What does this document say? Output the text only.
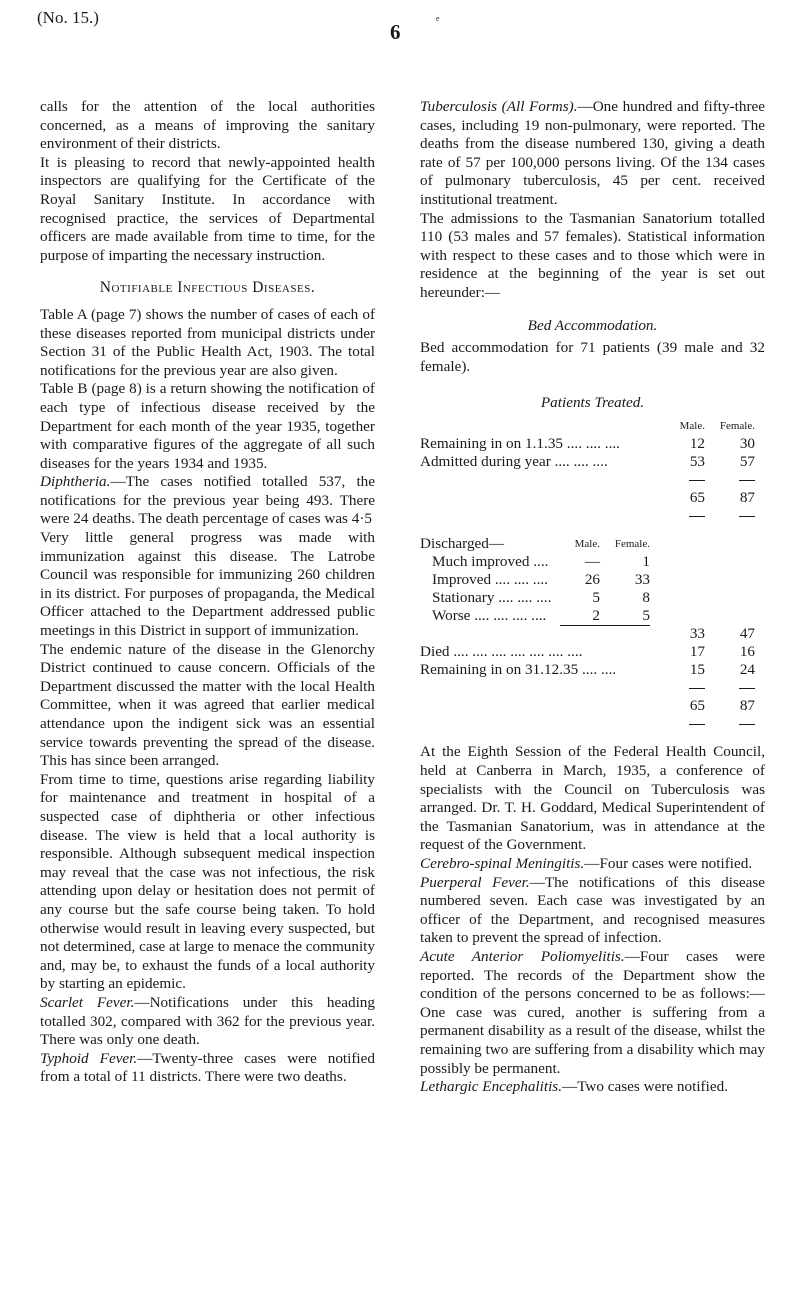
(No. 15.)
6
e

calls for the attention of the local authorities concerned, as a means of improving the sanitary environment of their districts.

It is pleasing to record that newly-appointed health inspectors are qualifying for the Certificate of the Royal Sanitary Institute. In accordance with recognised practice, the services of Departmental officers are made available from time to time, for the purpose of imparting the necessary instruction.

Notifiable Infectious Diseases.

Table A (page 7) shows the number of cases of each of these diseases reported from municipal districts under Section 31 of the Public Health Act, 1903. The total notifications for the previous year are also given.

Table B (page 8) is a return showing the notification of each type of infectious disease received by the Department for each month of the year 1935, together with comparative figures of the aggregate of all such diseases for the years 1934 and 1935.

Diphtheria.—The cases notified totalled 537, the notifications for the previous year being 493. There were 24 deaths. The death percentage of cases was 4·5

Very little general progress was made with immunization against this disease. The Latrobe Council was responsible for immunizing 260 children in its district. For purposes of propaganda, the Medical Officer attached to the Department addressed public meetings in this District in support of immunization.

The endemic nature of the disease in the Glenorchy District continued to cause concern. Officials of the Department discussed the matter with the local Health Committee, when it was agreed that earlier medical attendance upon the indigent sick was an essential service towards preventing the spread of the disease. This has since been arranged.

From time to time, questions arise regarding liability for maintenance and treatment in hospital of a suspected case of diphtheria or other infectious disease. The view is held that a local authority is responsible. Although subsequent medical inspection may reveal that the case was not infectious, the risk attending upon delay or hesitation does not permit of any course but the safe course being taken. To hold otherwise would result in leaving every suspected, but not determined, case at large to menace the community and, may be, to exhaust the funds of a local authority by starting an epidemic.

Scarlet Fever.—Notifications under this heading totalled 302, compared with 362 for the previous year. There was only one death.

Typhoid Fever.—Twenty-three cases were notified from a total of 11 districts. There were two deaths.

Tuberculosis (All Forms).—One hundred and fifty-three cases, including 19 non-pulmonary, were reported. The deaths from the disease numbered 130, giving a death rate of 57 per 100,000 persons living. Of the 134 cases of pulmonary tuberculosis, 45 per cent. received institutional treatment.

The admissions to the Tasmanian Sanatorium totalled 110 (53 males and 57 females). Statistical information with respect to these cases and to those which were in residence at the beginning of the year is set out hereunder:—

Bed Accommodation.

Bed accommodation for 71 patients (39 male and 32 female).

Patients Treated.
	Male.	Female.
Remaining in on 1.1.35 .... .... ....	12	30
Admitted during year .... .... ....	53	57

	65	87

Discharged—	Male.	Female.		
Much improved ....	—	1		
Improved .... .... ....	26	33		
Stationary .... .... ....	5	8		
Worse .... .... .... ....	2	5		
			33	47
Died .... .... .... .... .... .... ....			17	16
Remaining in on 31.12.35 .... ....			15	24

			65	87

At the Eighth Session of the Federal Health Council, held at Canberra in March, 1935, a conference of specialists with the Council on Tuberculosis was arranged. Dr. T. H. Goddard, Medical Superintendent of the Tasmanian Sanatorium, was in attendance at the request of the Government.

Cerebro-spinal Meningitis.—Four cases were notified.

Puerperal Fever.—The notifications of this disease numbered seven. Each case was investigated by an officer of the Department, and recognised measures taken to prevent the spread of infection.

Acute Anterior Poliomyelitis.—Four cases were reported. The records of the Department show the condition of the persons concerned to be as follows:—One case was cured, another is suffering from a permanent disability as a result of the disease, whilst the remaining two are suffering from a disability which may possibly be permanent.

Lethargic Encephalitis.—Two cases were notified.
